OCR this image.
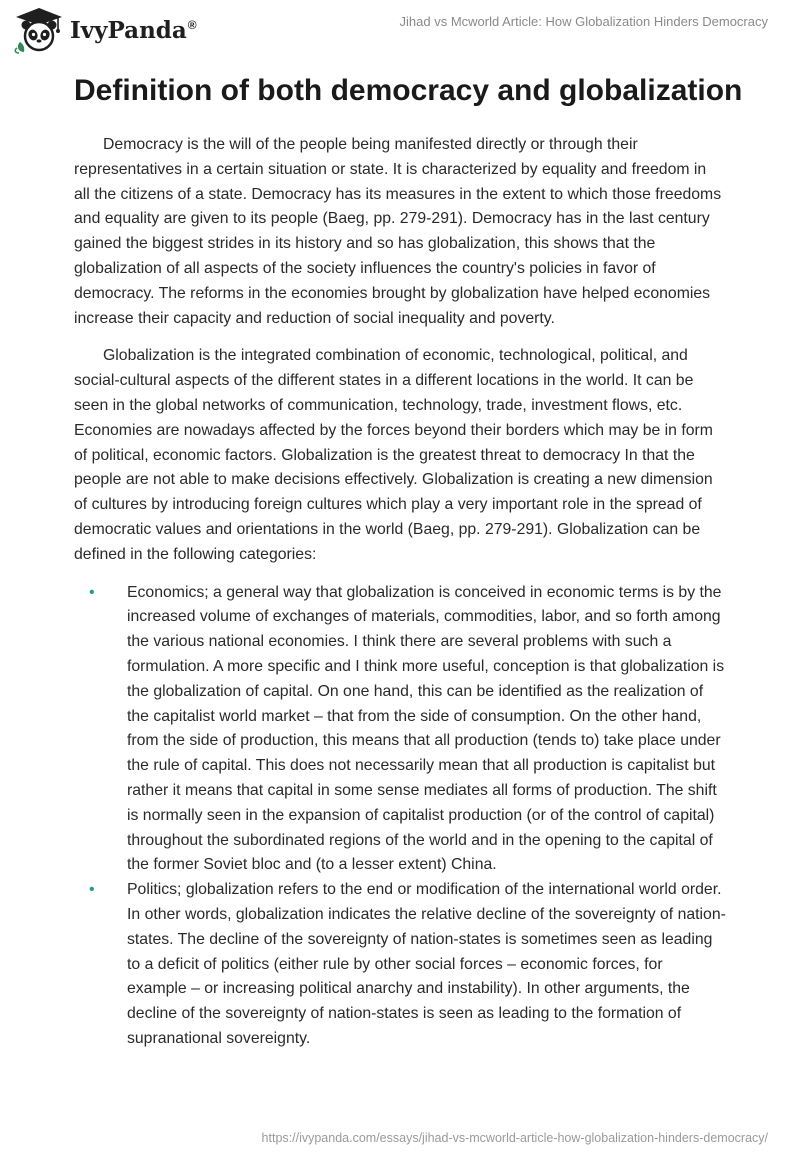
IvyPanda®	Jihad vs Mcworld Article: How Globalization Hinders Democracy
Definition of both democracy and globalization

Democracy is the will of the people being manifested directly or through their representatives in a certain situation or state. It is characterized by equality and freedom in all the citizens of a state. Democracy has its measures in the extent to which those freedoms and equality are given to its people (Baeg, pp. 279-291). Democracy has in the last century gained the biggest strides in its history and so has globalization, this shows that the globalization of all aspects of the society influences the country's policies in favor of democracy. The reforms in the economies brought by globalization have helped economies increase their capacity and reduction of social inequality and poverty.

Globalization is the integrated combination of economic, technological, political, and social-cultural aspects of the different states in a different locations in the world. It can be seen in the global networks of communication, technology, trade, investment flows, etc. Economies are nowadays affected by the forces beyond their borders which may be in form of political, economic factors. Globalization is the greatest threat to democracy In that the people are not able to make decisions effectively. Globalization is creating a new dimension of cultures by introducing foreign cultures which play a very important role in the spread of democratic values and orientations in the world (Baeg, pp. 279-291). Globalization can be defined in the following categories:

• Economics; a general way that globalization is conceived in economic terms is by the increased volume of exchanges of materials, commodities, labor, and so forth among the various national economies. I think there are several problems with such a formulation. A more specific and I think more useful, conception is that globalization is the globalization of capital. On one hand, this can be identified as the realization of the capitalist world market – that from the side of consumption. On the other hand, from the side of production, this means that all production (tends to) take place under the rule of capital. This does not necessarily mean that all production is capitalist but rather it means that capital in some sense mediates all forms of production. The shift is normally seen in the expansion of capitalist production (or of the control of capital) throughout the subordinated regions of the world and in the opening to the capital of the former Soviet bloc and (to a lesser extent) China.
• Politics; globalization refers to the end or modification of the international world order. In other words, globalization indicates the relative decline of the sovereignty of nation-states. The decline of the sovereignty of nation-states is sometimes seen as leading to a deficit of politics (either rule by other social forces – economic forces, for example – or increasing political anarchy and instability). In other arguments, the decline of the sovereignty of nation-states is seen as leading to the formation of supranational sovereignty.
https://ivypanda.com/essays/jihad-vs-mcworld-article-how-globalization-hinders-democracy/
